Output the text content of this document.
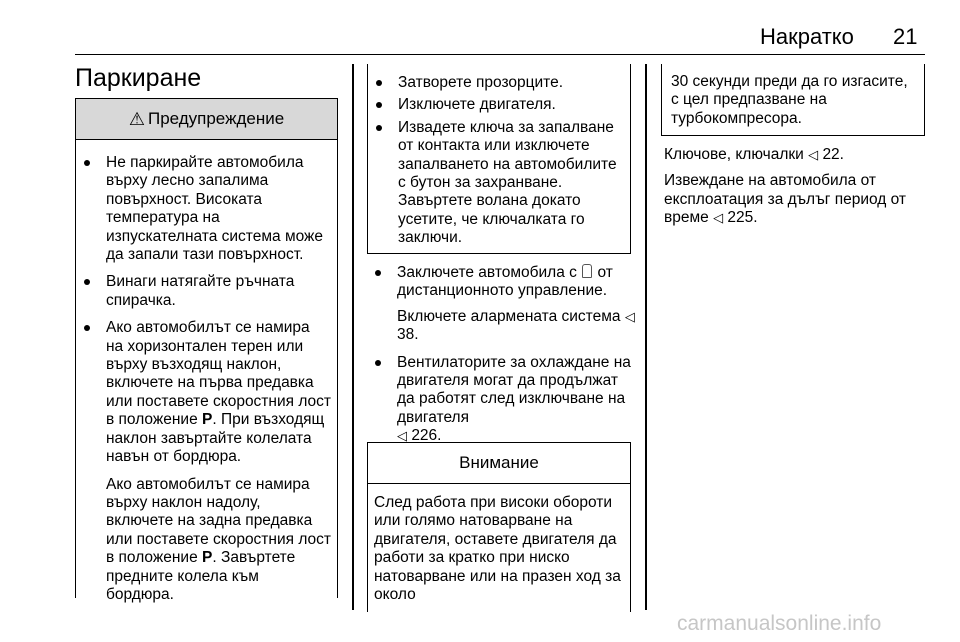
Накратко 21
Паркиране
⚠ Предупреждение
Не паркирайте автомобила върху лесно запалима повърхност. Високата температура на изпускателната система може да запали тази повърхност.
Винаги натягайте ръчната спирачка.
Ако автомобилът се намира на хоризонтален терен или върху възходящ наклон, включете на първа предавка или поставете скоростния лост в положение P. При възходящ наклон завъртайте колелата навън от бордюра.
Ако автомобилът се намира върху наклон надолу, включете на задна предавка или поставете скоростния лост в положение P. Завъртете предните колела към бордюра.
Затворете прозорците.
Изключете двигателя.
Извадете ключа за запалване от контакта или изключете запалването на автомобилите с бутон за захранване. Завъртете волана докато усетите, че ключалката го заключи.
Заключете автомобила с  от дистанционното управление.
Включете алармената система ◁ 38.
Вентилаторите за охлаждане на двигателя могат да продължат да работят след изключване на двигателя
◁ 226.
Внимание
След работа при високи обороти или голямо натоварване на двигателя, оставете двигателя да работи за кратко при ниско натоварване или на празен ход за около
30 секунди преди да го изгасите, с цел предпазване на турбокомпресора.
Ключове, ключалки ◁ 22.
Извеждане на автомобила от експлоатация за дълъг период от време ◁ 225.
carmanualsonline.info
